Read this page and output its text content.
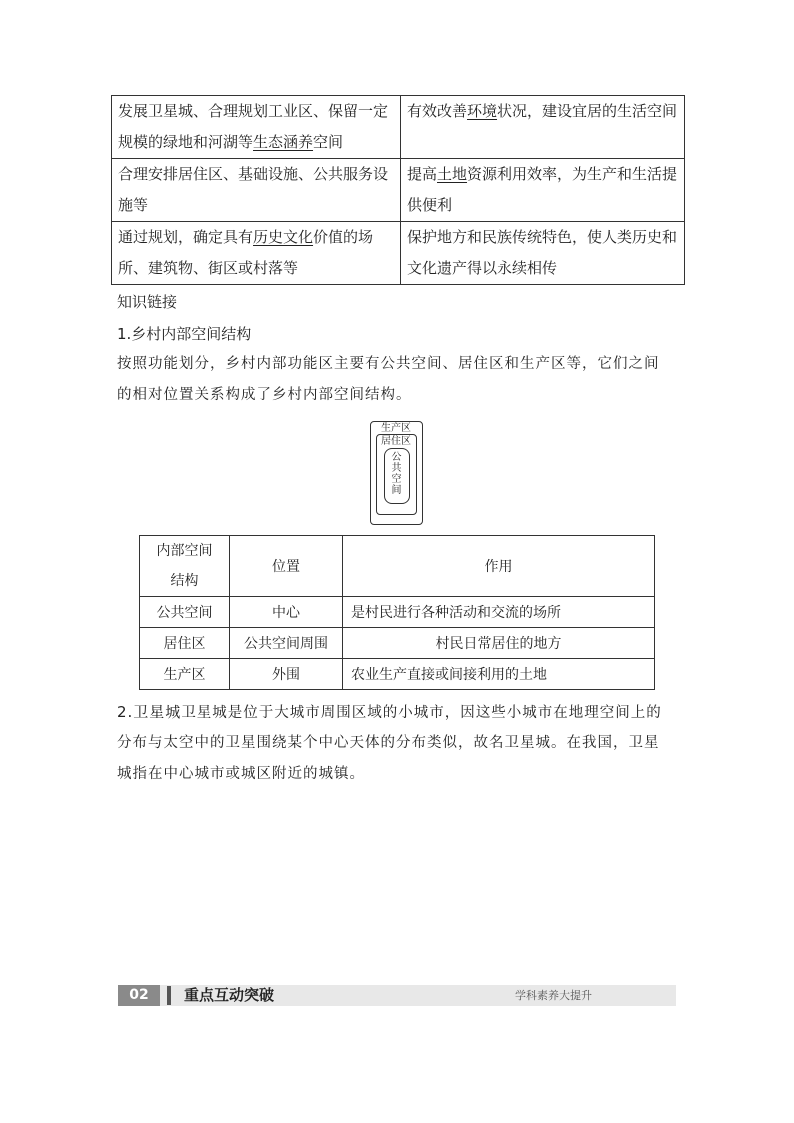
发展卫星城、合理规划工业区、保留一定规模的绿地和河湖等生态涵养空间	有效改善环境状况，建设宜居的生活空间
合理安排居住区、基础设施、公共服务设施等	提高土地资源利用效率，为生产和生活提供便利
通过规划，确定具有历史文化价值的场所、建筑物、街区或村落等	保护地方和民族传统特色，使人类历史和文化遗产得以永续相传
知识链接
1.乡村内部空间结构
按照功能划分，乡村内部功能区主要有公共空间、居住区和生产区等，它们之间
的相对位置关系构成了乡村内部空间结构。
生产区
居住区
公
共
空
间
内部空间
结构	位置	作用
公共空间	中心	是村民进行各种活动和交流的场所
居住区	公共空间周围	村民日常居住的地方
生产区	外围	农业生产直接或间接利用的土地
2.卫星城卫星城是位于大城市周围区域的小城市，因这些小城市在地理空间上的
分布与太空中的卫星围绕某个中心天体的分布类似，故名卫星城。在我国，卫星
城指在中心城市或城区附近的城镇。
02	重点互动突破	学科素养大提升
